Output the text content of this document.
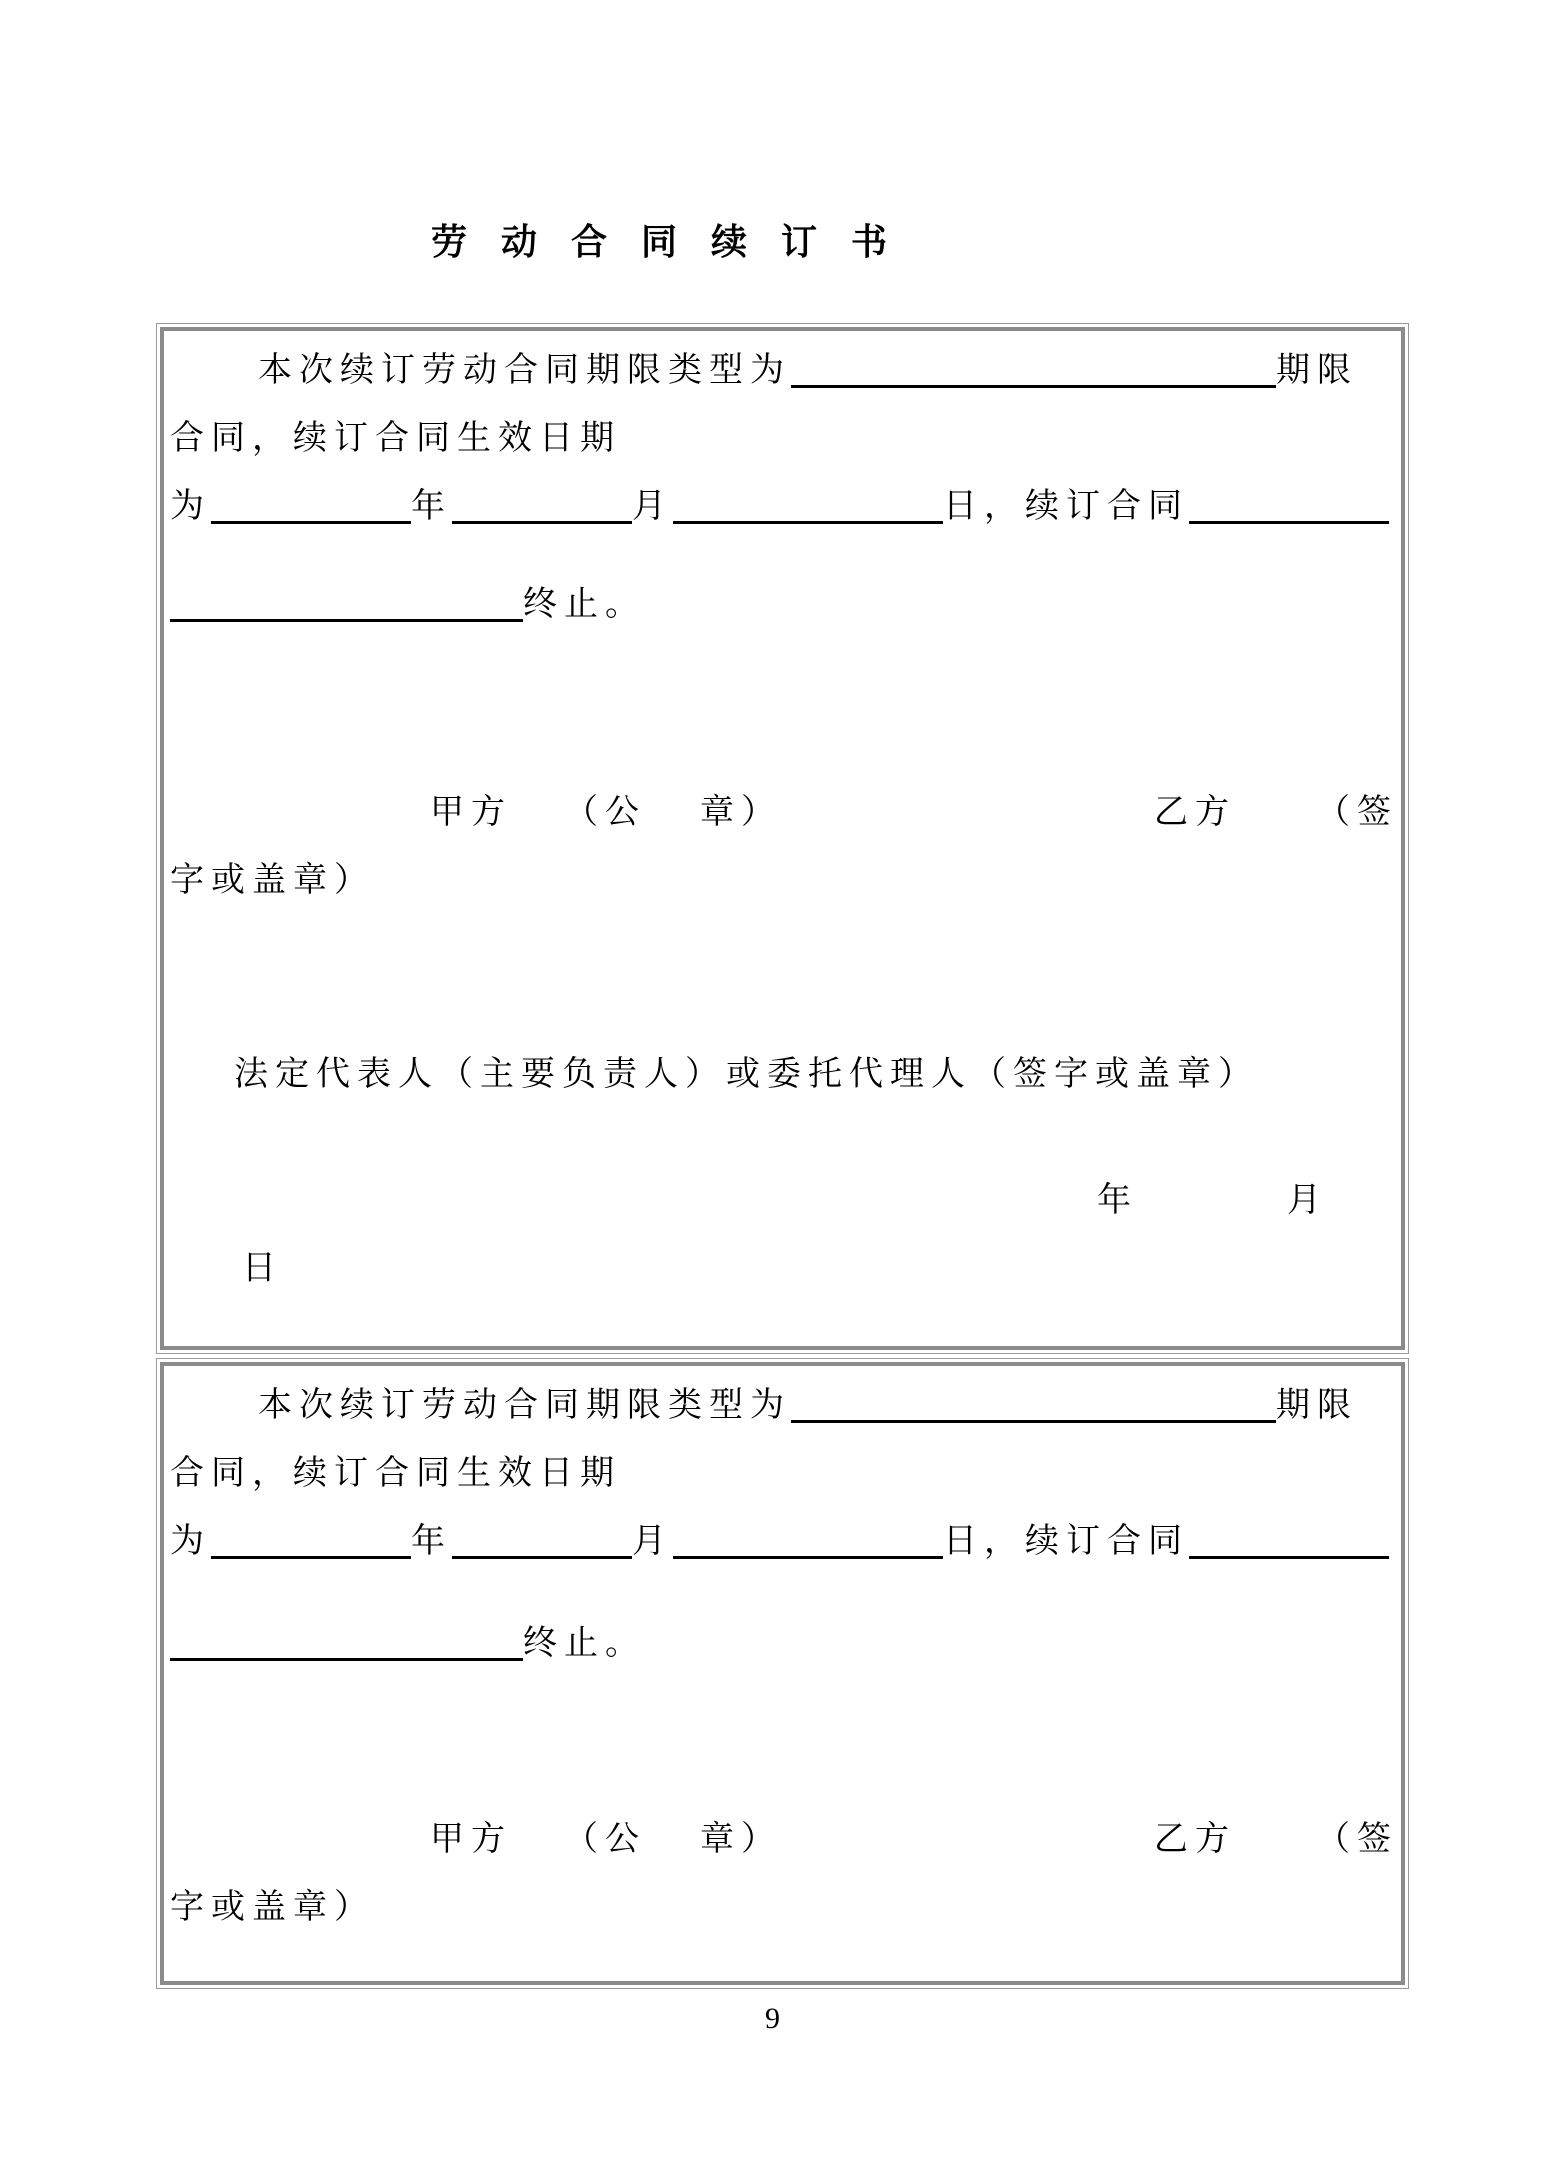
劳 动 合 同 续 订 书

本次续订劳动合同期限类型为	期限

合同，续订合同生效日期

为	年	月	日，续订合同

终止。

甲方 （公 章）	乙方 （签

字或盖章）

法定代表人（主要负责人）或委托代理人（签字或盖章）

年	月

日

本次续订劳动合同期限类型为	期限

合同，续订合同生效日期

为	年	月	日，续订合同

终止。

甲方 （公 章）	乙方 （签

字或盖章）

9
